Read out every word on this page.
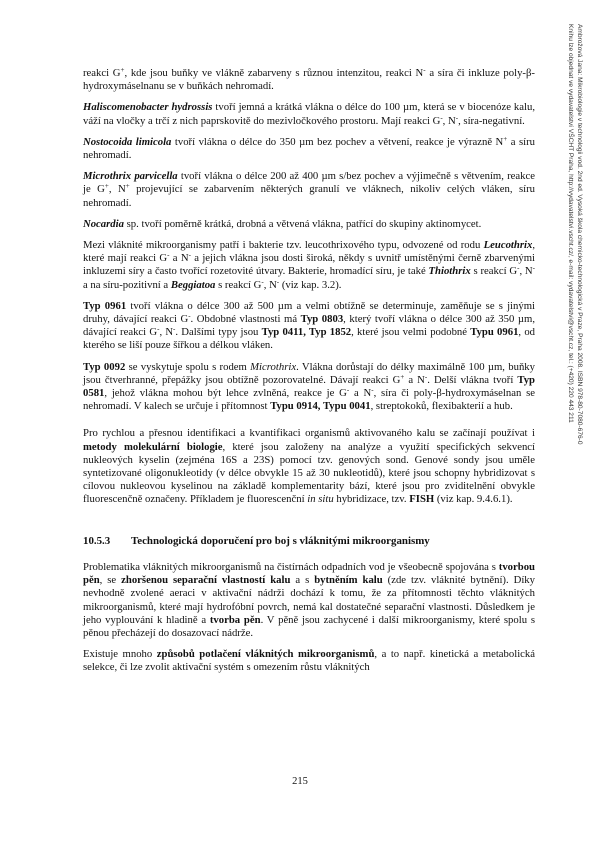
reakci G+, kde jsou buňky ve vlákně zabarveny s různou intenzitou, reakci N- a síra či inkluze poly-β-hydroxymáselnanu se v buňkách nehromadí.

Haliscomenobacter hydrossis tvoří jemná a krátká vlákna o délce do 100 µm, která se v biocenóze kalu, váží na vločky a trčí z nich paprskovitě do mezivločkového prostoru. Mají reakci G-, N-, síra-negativní.

Nostocoida limicola tvoří vlákna o délce do 350 µm bez pochev a větvení, reakce je výrazně N+ a síru nehromadí.

Microthrix parvicella tvoří vlákna o délce 200 až 400 µm s/bez pochev a výjimečně s větvením, reakce je G+, N+ projevující se zabarvením některých granulí ve vláknech, nikoliv celých vláken, síru nehromadí.

Nocardia sp. tvoří poměrně krátká, drobná a větvená vlákna, patřící do skupiny aktinomycet.

Mezi vláknité mikroorganismy patří i bakterie tzv. leucothrixového typu, odvozené od rodu Leucothrix, které mají reakci G- a N- a jejich vlákna jsou dosti široká, někdy s uvnitř umístěnými černě zbarvenými inkluzemi síry a často tvořící rozetovité útvary. Bakterie, hromadící síru, je také Thiothrix s reakcí G-, N- a na síru-pozitivní a Beggiatoa s reakcí G-, N- (viz kap. 3.2).

Typ 0961 tvoří vlákna o délce 300 až 500 µm a velmi obtížně se determinuje, zaměňuje se s jinými druhy, dávající reakci G-. Obdobné vlastnosti má Typ 0803, který tvoří vlákna o délce 300 až 350 µm, dávající reakci G-, N-. Dalšími typy jsou Typ 0411, Typ 1852, které jsou velmi podobné Typu 0961, od kterého se liší pouze šířkou a délkou vláken.

Typ 0092 se vyskytuje spolu s rodem Microthrix. Vlákna dorůstají do délky maximálně 100 µm, buňky jsou čtverhranné, přepážky jsou obtížně pozorovatelné. Dávají reakci G+ a N-. Delší vlákna tvoří Typ 0581, jehož vlákna mohou být lehce zvlněná, reakce je G- a N-, síra či poly-β-hydroxymáselnan se nehromadí. V kalech se určuje i přítomnost Typu 0914, Typu 0041, streptokoků, flexibakterií a hub.

Pro rychlou a přesnou identifikaci a kvantifikaci organismů aktivovaného kalu se začínají používat i metody molekulární biologie, které jsou založeny na analýze a využití specifických sekvencí nukleových kyselin (zejména 16S a 23S) pomocí tzv. genových sond. Genové sondy jsou uměle syntetizované oligonukleotidy (v délce obvykle 15 až 30 nukleotidů), které jsou schopny hybridizovat s cílovou nukleovou kyselinou na základě komplementarity bází, které jsou pro zviditelnění obvykle fluorescenčně označeny. Příkladem je fluorescenční in situ hybridizace, tzv. FISH (viz kap. 9.4.6.1).

10.5.3 Technologická doporučení pro boj s vláknitými mikroorganismy

Problematika vláknitých mikroorganismů na čistírnách odpadních vod je všeobecně spojována s tvorbou pěn, se zhoršenou separační vlastností kalu a s bytněním kalu (zde tzv. vláknité bytnění). Díky nevhodně zvolené aeraci v aktivační nádrži dochází k tomu, že za přítomnosti těchto vláknitých mikroorganismů, které mají hydrofóbní povrch, nemá kal dostatečné separační vlastnosti. Důsledkem je jeho vyplouvání k hladině a tvorba pěn. V pěně jsou zachycené i další mikroorganismy, které spolu s pěnou přecházejí do dosazovací nádrže.

Existuje mnoho způsobů potlačení vláknitých mikroorganismů, a to např. kinetická a metabolická selekce, či lze zvolit aktivační systém s omezením růstu vláknitých

215
Ambrožová Jana: Mikrobiologie v technologii vod. 2nd ed. Vysoká škola chemicko-technologická v Praze, Praha 2008. ISBN 978-80-7080-676-0
Knihu lze objednat ve vydavatelství VŠCHT Praha, http://vydavatelstvi.vscht.cz/, e-mail: vydavatelstvi@vscht.cz, tel.: (+420) 220 443 211
